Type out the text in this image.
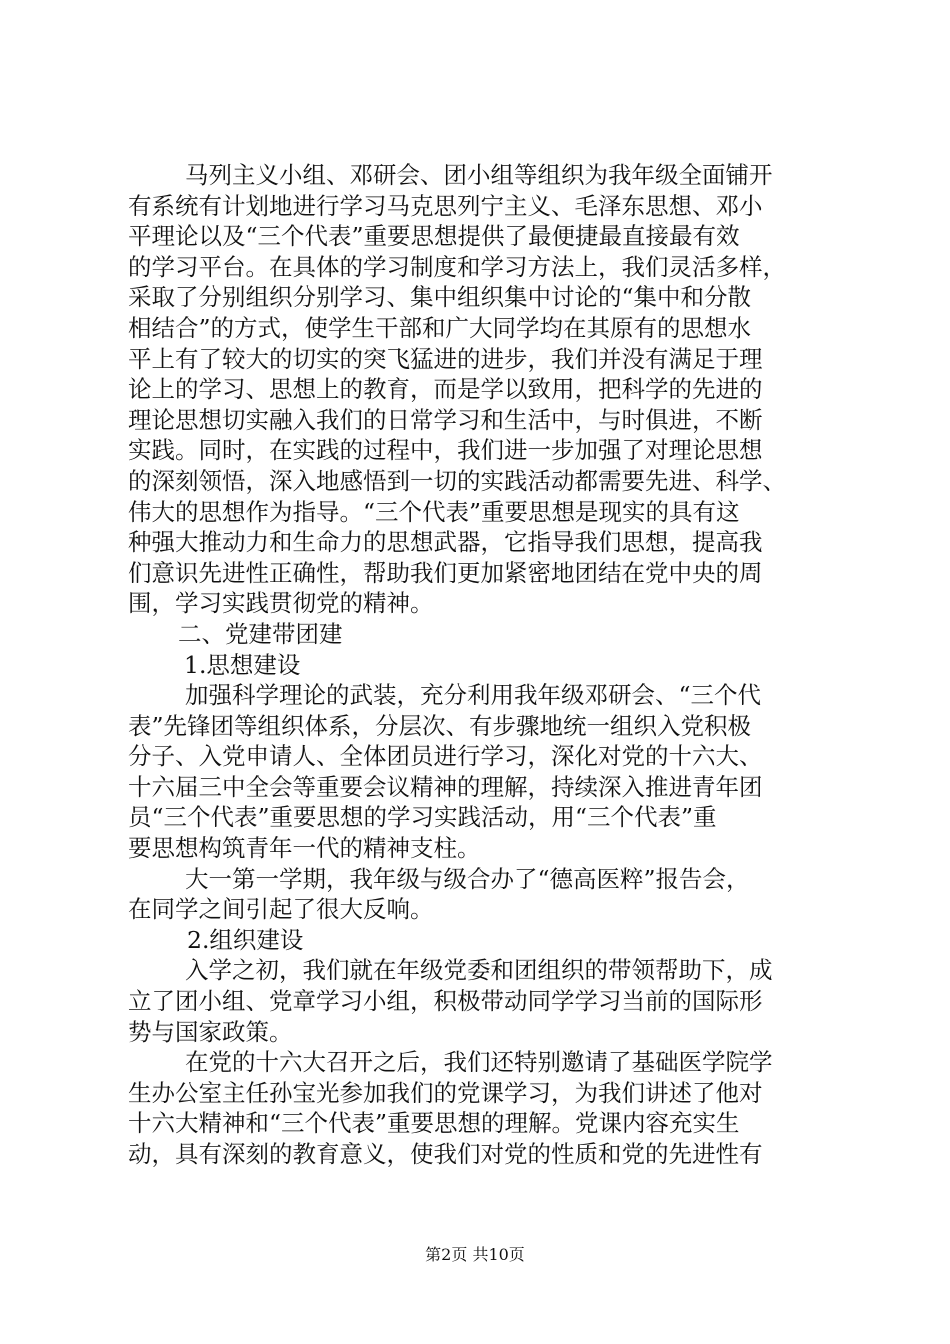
马列主义小组、邓研会、团小组等组织为我年级全面铺开
有系统有计划地进行学习马克思列宁主义、毛泽东思想、邓小
平理论以及“三个代表”重要思想提供了最便捷最直接最有效
的学习平台。在具体的学习制度和学习方法上，我们灵活多样，
采取了分别组织分别学习、集中组织集中讨论的“集中和分散
相结合”的方式，使学生干部和广大同学均在其原有的思想水
平上有了较大的切实的突飞猛进的进步，我们并没有满足于理
论上的学习、思想上的教育，而是学以致用，把科学的先进的
理论思想切实融入我们的日常学习和生活中，与时俱进，不断
实践。同时，在实践的过程中，我们进一步加强了对理论思想
的深刻领悟，深入地感悟到一切的实践活动都需要先进、科学、
伟大的思想作为指导。“三个代表”重要思想是现实的具有这
种强大推动力和生命力的思想武器，它指导我们思想，提高我
们意识先进性正确性，帮助我们更加紧密地团结在党中央的周
围，学习实践贯彻党的精神。
二、党建带团建
1.思想建设
加强科学理论的武装，充分利用我年级邓研会、“三个代
表”先锋团等组织体系，分层次、有步骤地统一组织入党积极
分子、入党申请人、全体团员进行学习，深化对党的十六大、
十六届三中全会等重要会议精神的理解，持续深入推进青年团
员“三个代表”重要思想的学习实践活动，用“三个代表”重
要思想构筑青年一代的精神支柱。
大一第一学期，我年级与级合办了“德高医粹”报告会，
在同学之间引起了很大反响。
2.组织建设
入学之初，我们就在年级党委和团组织的带领帮助下，成
立了团小组、党章学习小组，积极带动同学学习当前的国际形
势与国家政策。
在党的十六大召开之后，我们还特别邀请了基础医学院学
生办公室主任孙宝光参加我们的党课学习，为我们讲述了他对
十六大精神和“三个代表”重要思想的理解。党课内容充实生
动，具有深刻的教育意义，使我们对党的性质和党的先进性有
第2页 共10页
